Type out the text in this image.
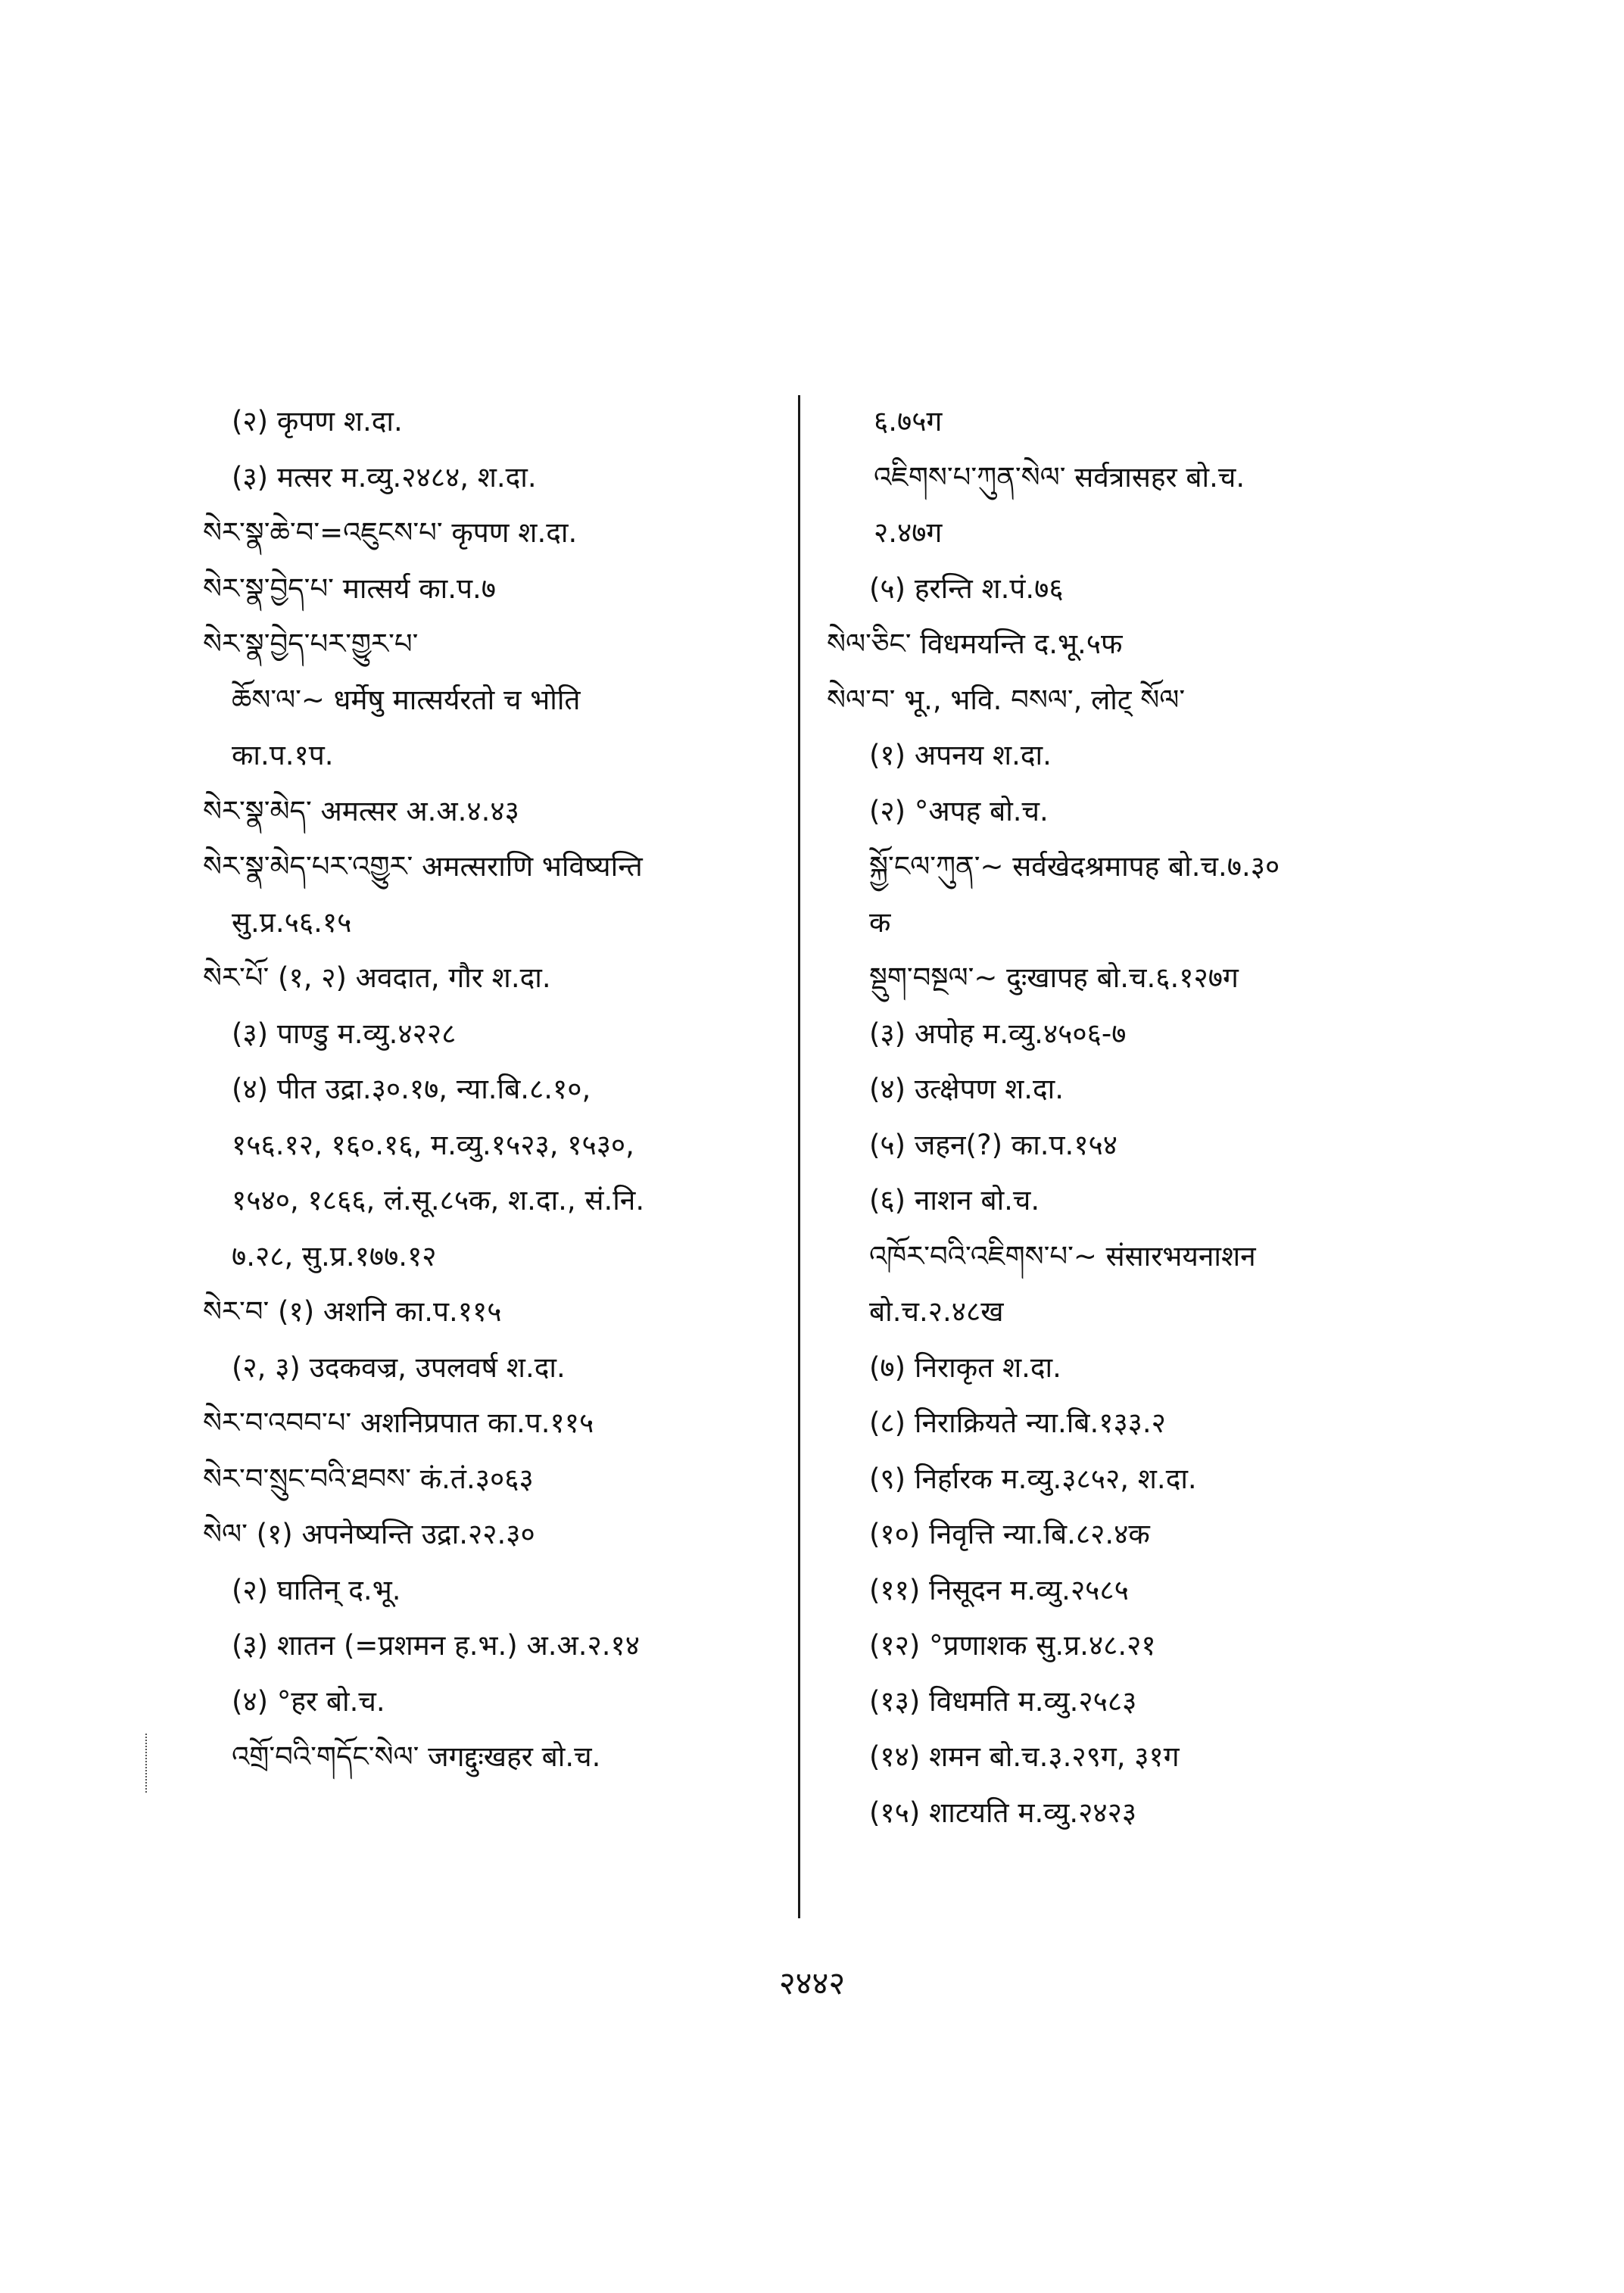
(२) कृपण श.दा.
(३) मत्सर म.व्यु.२४८४, श.दा.
སེར་སྣ་ཆེ་བ་=འཇུངས་པ་ कृपण श.दा.
སེར་སྣ་བྱེད་པ་ मात्सर्य का.प.७
སེར་སྣ་བྱེད་པར་གྱུར་པ་
ཆོས་ལ་~ धर्मेषु मात्सर्यरतो च भोति
का.प.१प.
སེར་སྣ་མེད་ अमत्सर अ.अ.४.४३
སེར་སྣ་མེད་པར་འགྱུར་ अमत्सराणि भविष्यन्ति
सु.प्र.५६.१५
སེར་པོ་ (१, २) अवदात, गौर श.दा.
(३) पाण्डु म.व्यु.४२२८
(४) पीत उद्रा.३०.१७, न्या.बि.८.१०,
१५६.१२, १६०.१६, म.व्यु.१५२३, १५३०,
१५४०, १८६६, लं.सू.८५क, श.दा., सं.नि.
७.२८, सु.प्र.१७७.१२
སེར་བ་ (१) अशनि का.प.११५
(२, ३) उदकवज्र, उपलवर्ष श.दा.
སེར་བ་འབབ་པ་ अशनिप्रपात का.प.११५
སེར་བ་སྲུང་བའི་ཐབས་ कं.तं.३०६३
སེལ་ (१) अपनेष्यन्ति उद्रा.२२.३०
(२) घातिन् द.भू.
(३) शातन (=प्रशमन ह.भ.) अ.अ.२.१४
(४) °हर बो.च.
འགྲོ་བའི་གདོང་སེལ་ जगद्दुःखहर बो.च.
६.७५ग
འཇིགས་པ་ཀུན་སེལ་ सर्वत्रासहर बो.च.
२.४७ग
(५) हरन्ति श.पं.७६
སེལ་ཅིང་ विधमयन्ति द.भू.५फ
སེལ་བ་ भू., भवि. བསལ་, लोट् སོལ་
(१) अपनय श.दा.
(२) °अपह बो.च.
སྐྱོ་ངལ་ཀུན་~ सर्वखेदश्रमापह बो.च.७.३०
क
སྡུག་བསྔལ་~ दुःखापह बो.च.६.१२७ग
(३) अपोह म.व्यु.४५०६-७
(४) उत्क्षेपण श.दा.
(५) जहन(?) का.प.१५४
(६) नाशन बो.च.
འཁོར་བའི་འཇིགས་པ་~ संसारभयनाशन
बो.च.२.४८ख
(७) निराकृत श.दा.
(८) निराक्रियते न्या.बि.१३३.२
(९) निर्हारक म.व्यु.३८५२, श.दा.
(१०) निवृत्ति न्या.बि.८२.४क
(११) निसूदन म.व्यु.२५८५
(१२) °प्रणाशक सु.प्र.४८.२१
(१३) विधमति म.व्यु.२५८३
(१४) शमन बो.च.३.२९ग, ३१ग
(१५) शाटयति म.व्यु.२४२३
२४४२
